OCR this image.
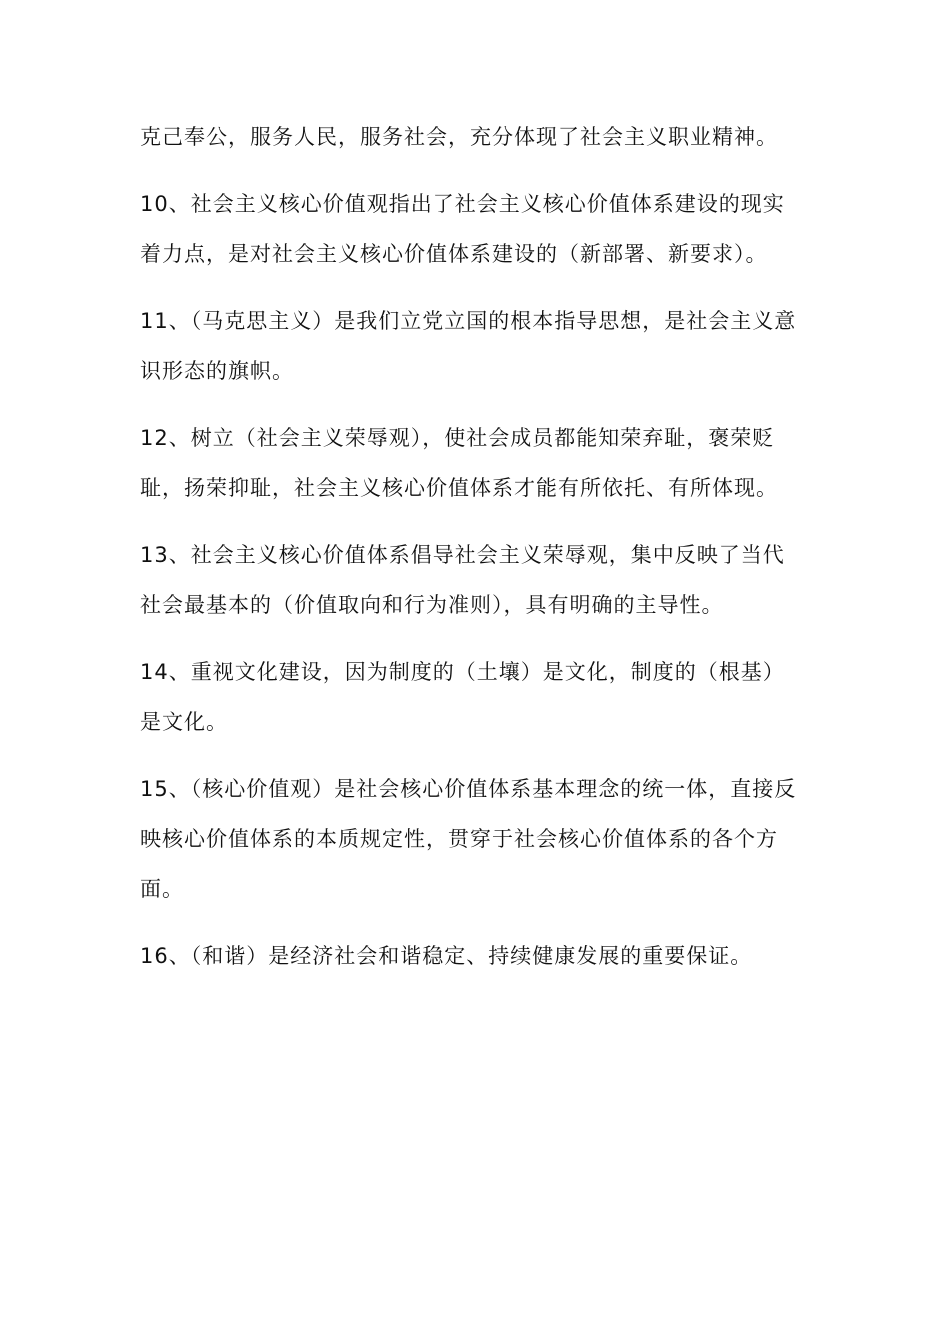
克己奉公，服务人民，服务社会，充分体现了社会主义职业精神。

10、社会主义核心价值观指出了社会主义核心价值体系建设的现实着力点，是对社会主义核心价值体系建设的（新部署、新要求）。

11、（马克思主义）是我们立党立国的根本指导思想，是社会主义意识形态的旗帜。

12、树立（社会主义荣辱观），使社会成员都能知荣弃耻，褒荣贬耻，扬荣抑耻，社会主义核心价值体系才能有所依托、有所体现。

13、社会主义核心价值体系倡导社会主义荣辱观，集中反映了当代社会最基本的（价值取向和行为准则），具有明确的主导性。

14、重视文化建设，因为制度的（土壤）是文化，制度的（根基）是文化。

15、（核心价值观）是社会核心价值体系基本理念的统一体，直接反映核心价值体系的本质规定性，贯穿于社会核心价值体系的各个方面。

16、（和谐）是经济社会和谐稳定、持续健康发展的重要保证。
